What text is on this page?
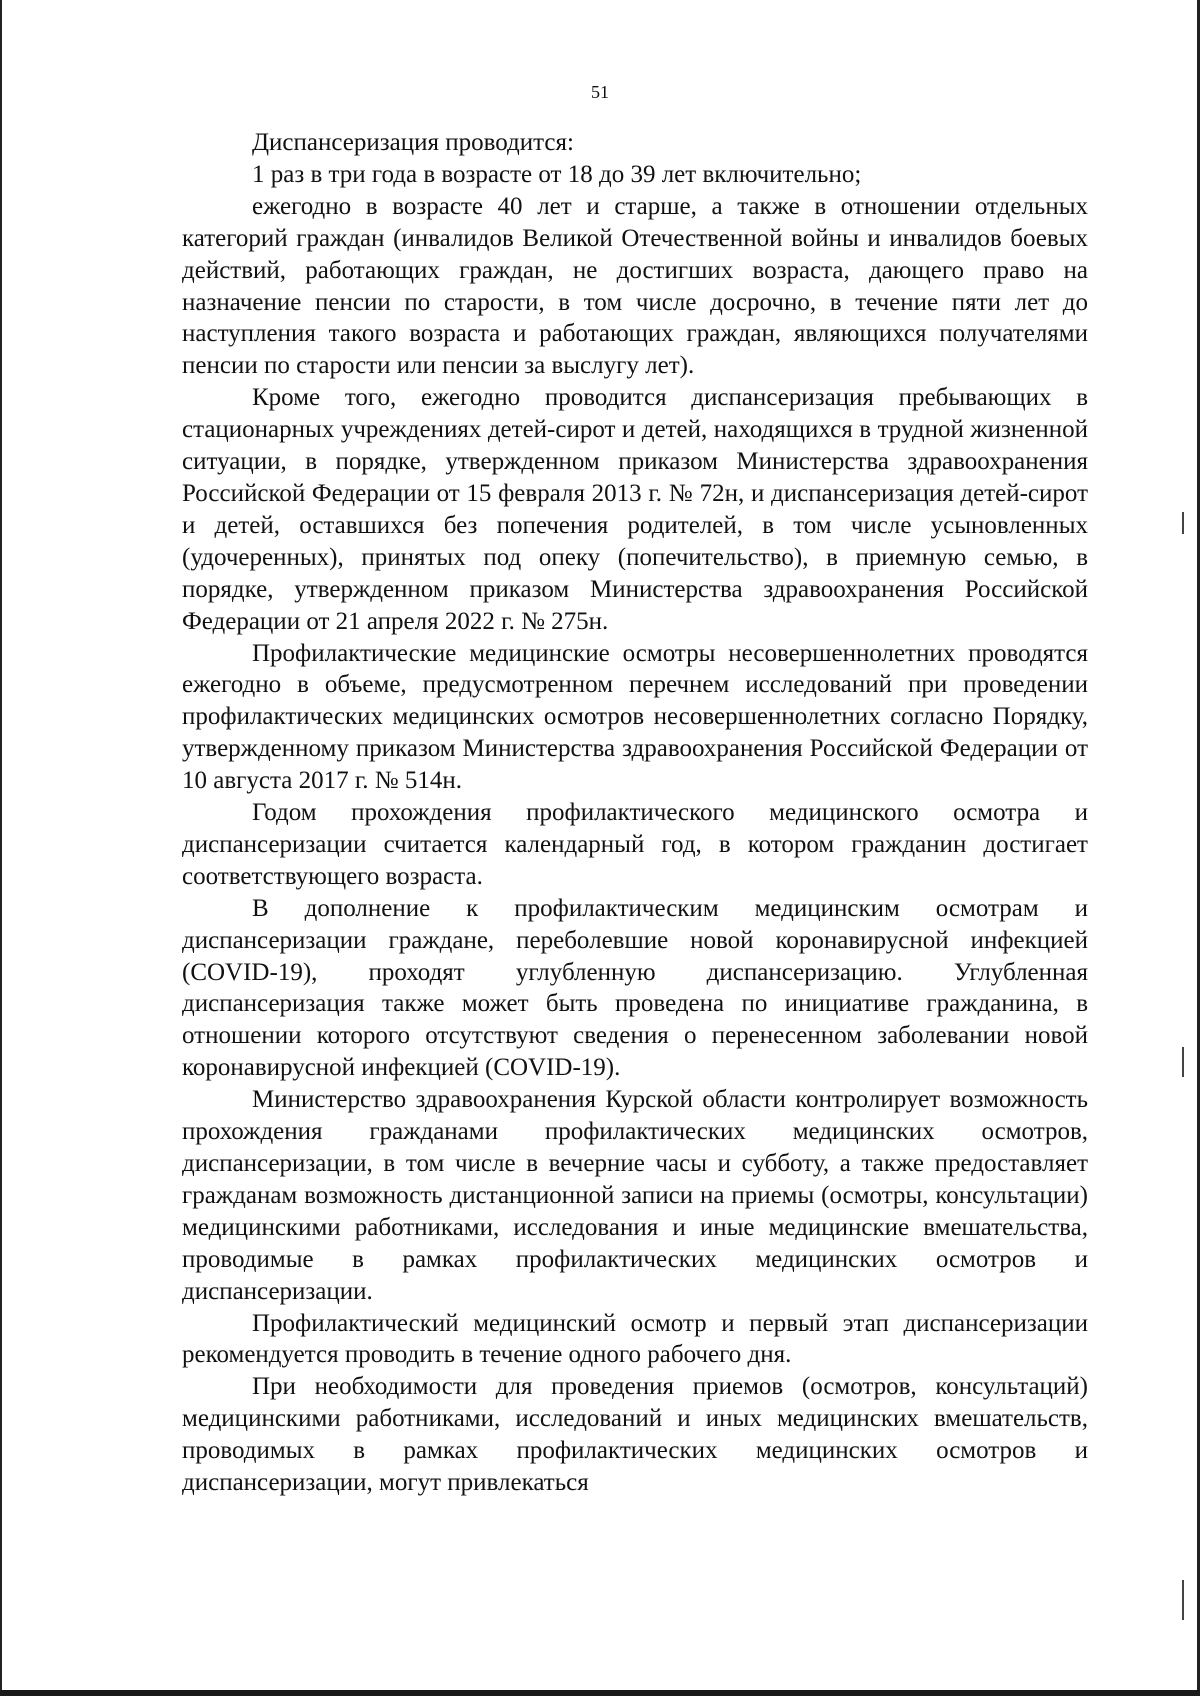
51

Диспансеризация проводится:

1 раз в три года в возрасте от 18 до 39 лет включительно;

ежегодно в возрасте 40 лет и старше, а также в отношении отдельных категорий граждан (инвалидов Великой Отечественной войны и инвалидов боевых действий, работающих граждан, не достигших возраста, дающего право на назначение пенсии по старости, в том числе досрочно, в течение пяти лет до наступления такого возраста и работающих граждан, являющихся получателями пенсии по старости или пенсии за выслугу лет).

Кроме того, ежегодно проводится диспансеризация пребывающих в стационарных учреждениях детей-сирот и детей, находящихся в трудной жизненной ситуации, в порядке, утвержденном приказом Министерства здравоохранения Российской Федерации от 15 февраля 2013 г. № 72н, и диспансеризация детей-сирот и детей, оставшихся без попечения родителей, в том числе усыновленных (удочеренных), принятых под опеку (попечительство), в приемную семью, в порядке, утвержденном приказом Министерства здравоохранения Российской Федерации от 21 апреля 2022 г. № 275н.

Профилактические медицинские осмотры несовершеннолетних проводятся ежегодно в объеме, предусмотренном перечнем исследований при проведении профилактических медицинских осмотров несовершеннолетних согласно Порядку, утвержденному приказом Министерства здравоохранения Российской Федерации от 10 августа 2017 г. № 514н.

Годом прохождения профилактического медицинского осмотра и диспансеризации считается календарный год, в котором гражданин достигает соответствующего возраста.

В дополнение к профилактическим медицинским осмотрам и диспансеризации граждане, переболевшие новой коронавирусной инфекцией (COVID-19), проходят углубленную диспансеризацию. Углубленная диспансеризация также может быть проведена по инициативе гражданина, в отношении которого отсутствуют сведения о перенесенном заболевании новой коронавирусной инфекцией (COVID-19).

Министерство здравоохранения Курской области контролирует возможность прохождения гражданами профилактических медицинских осмотров, диспансеризации, в том числе в вечерние часы и субботу, а также предоставляет гражданам возможность дистанционной записи на приемы (осмотры, консультации) медицинскими работниками, исследования и иные медицинские вмешательства, проводимые в рамках профилактических медицинских осмотров и диспансеризации.

Профилактический медицинский осмотр и первый этап диспансеризации рекомендуется проводить в течение одного рабочего дня.

При необходимости для проведения приемов (осмотров, консультаций) медицинскими работниками, исследований и иных медицинских вмешательств, проводимых в рамках профилактических медицинских осмотров и диспансеризации, могут привлекаться
